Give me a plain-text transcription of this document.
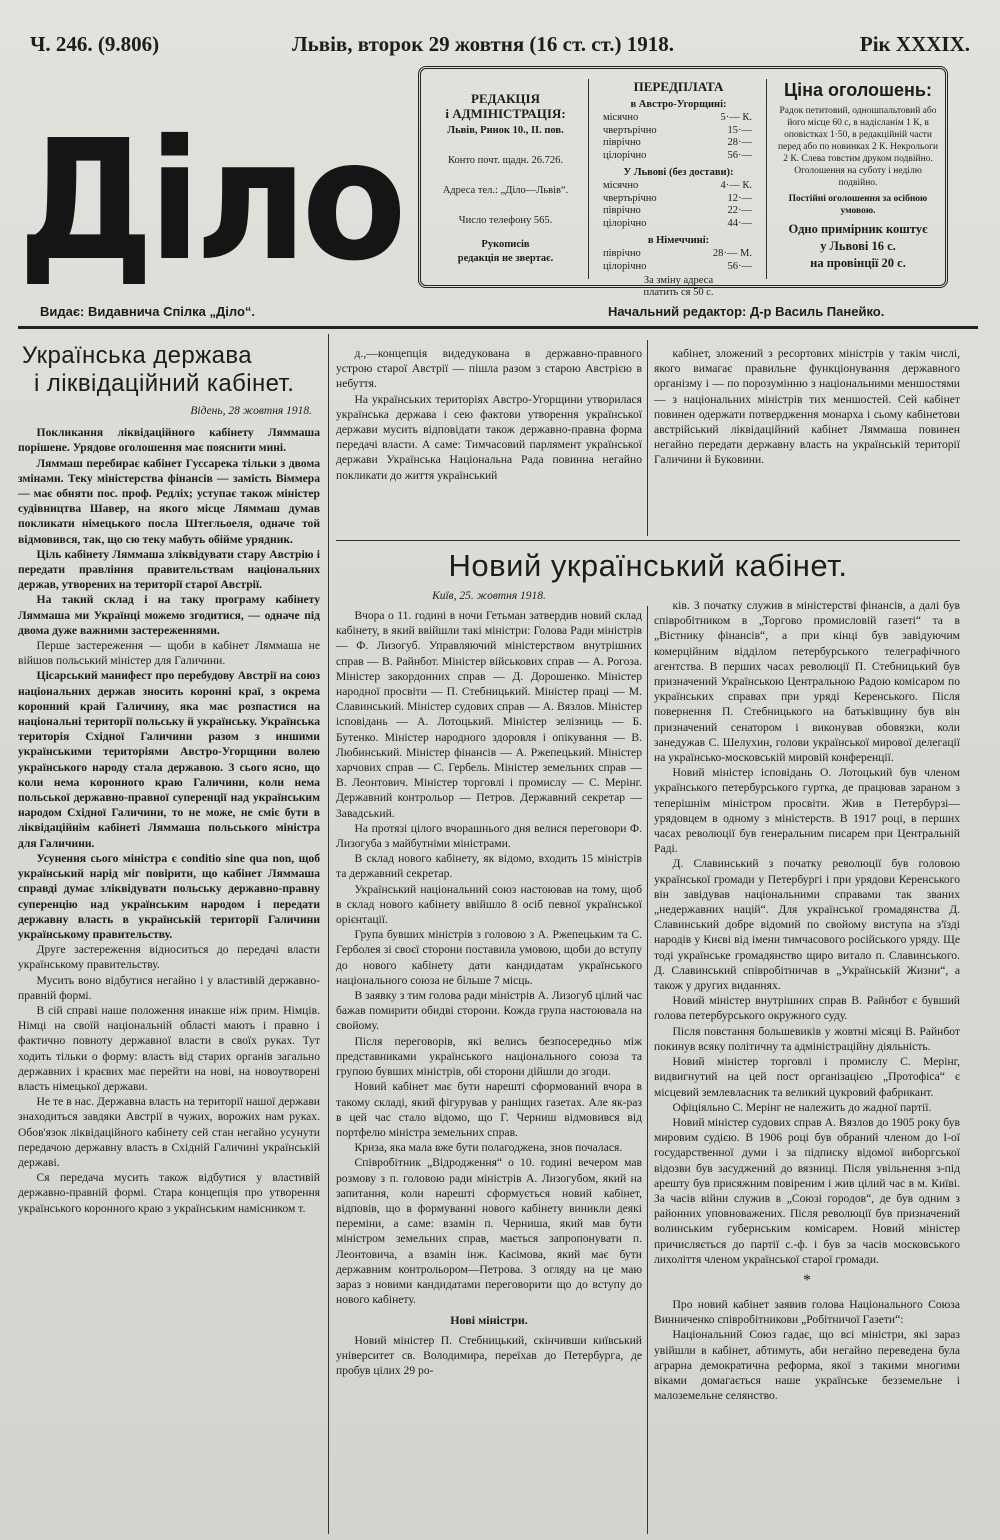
Ч. 246. (9.806)	Львів, второк 29 жовтня (16 ст. ст.) 1918.	Рік XXXIX.
Діло
РЕДАКЦІЯ
і АДМІНІСТРАЦІЯ:
Львів, Ринок 10., II. пов.
Конто почт. щадн. 26.726.
Адреса тел.: „Діло—Львів“.
Число телефону 565.
Рукописів
редакція не звертає.
ПЕРЕДПЛАТА
в Австро-Угорщині:
місячно	5·— К.
чвертьрічно	15·—
піврічно	28·—
цілорічно	56·—
У Львові (без достави):
місячно	4·— К.
чвертьрічно	12·—
піврічно	22·—
цілорічно	44·—
в Німеччині:
піврічно	28·— М.
цілорічно	56·—
За зміну адреса
платить ся 50 с.
Ціна оголошень:
Радок петитовий, одношпальтовий або його місце 60 с, в надісланім 1 К, в оповістках 1·50, в редакційній части перед або по новинках 2 К. Некрольоги 2 К. Слева товстим друком подвійно. Оголошення на суботу і неділю подвійно.
Постійні оголошення за осібною умовою.
Одно примірник коштує
у Львові 16 с.
на провінції 20 с.
Видає: Видавнича Спілка „Діло“.	Начальний редактор: Д-р Василь Панейко.
Українська держава
і ліквідаційний кабінет.
Відень, 28 жовтня 1918.

Покликання ліквідаційного кабінету Ляммаша порішене. Урядове оголошення має пояснити мині.

Ляммаш перебирає кабінет Гуссарека тільки з двома змінами. Теку міністерства фінансів — замість Віммера — має обняти пос. проф. Редліх; уступає також міністер судівництва Шавер, на якого місце Ляммаш думав покликати німецького посла Штегльоеля, одначе той відмовився, так, що сю теку мабуть обійме урядник.

Ціль кабінету Ляммаша зліквідувати стару Австрію і передати правління правительствам національних держав, утворених на території старої Австрії.

На такий склад і на таку програму кабінету Ляммаша ми Українці можемо згодитися, — одначе під двома дуже важними застереженнями.

Перше застереження — щоби в кабінет Ляммаша не війшов польський міністер для Галичини.

Цісарський манифест про перебудову Австрії на союз національних держав зносить коронні краї, з окрема коронний край Галичину, яка має розпастися на національні території польську й українську. Українська територія Східної Галичини разом з иншими українськими територіями Австро-Угорщини волею українського народу стала державою. З сього ясно, що коли нема коронного краю Галичини, коли нема польської державно-правної суперенції над українським народом Східної Галичини, то не може, не сміє бути в ліквідаційнім кабінеті Ляммаша польського міністра для Галичини.

Усунення сього міністра є conditio sine qua non, щоб український нарід міг повірити, що кабінет Ляммаша справді думає зліквідувати польську державно-правну суперенцію над українським народом і передати державну власть в українській території Галичини українському правительству.

Друге застереження відноситься до передачі власти українському правительству.

Мусить воно відбутися негайно і у властивій державно-правній формі.

В сій справі наше положення инакше ніж прим. Німців. Німці на своїй національній області мають і правно і фактично повноту державної власти в своїх руках. Тут ходить тільки о форму: власть від старих органів загально державних і краєвих має перейти на нові, на новоутворені власть німецької держави.

Не те в нас. Державна власть на території нашої держави знаходиться завдяки Австрії в чужих, ворожих нам руках. Обов'язок ліквідаційного кабінету сей стан негайно усунути передачою державну власть в Східній Галичині українській державі.

Ся передача мусить також відбутися у властивій державно-правній формі. Стара концепція про утворення українського коронного краю з українським намісником т.

д.,—концепція видедукована в державно-правного устрою старої Австрії — пішла разом з старою Австрією в небуття.

На українських територіях Австро-Угорщини утворилася українська держава і сею фактови утворення української держави мусить відповідати також державно-правна форма передачі власти. А саме: Тимчасовий парлямент української держави Українська Національна Рада повинна негайно покликати до життя український

кабінет, зложений з ресортових міністрів у такім числі, якого вимагає правильне функціонування державного організму і — по порозумінню з національними меншостями — з національних міністрів тих меншостей. Сей кабінет повинен одержати потвердження монарха і сьому кабінетови австрійський ліквідаційний кабінет Ляммаша повинен негайно передати державну власть на українській території Галичини й Буковини.

Новий український кабінет.
Київ, 25. жовтня 1918.

Вчора о 11. годині в ночи Гетьман затвердив новий склад кабінету, в який ввійшли такі міністри: Голова Ради міністрів — Ф. Лизогуб. Управляючий міністерством внутрішних справ — В. Райнбот. Міністер військових справ — А. Рогоза. Міністер закордонних справ — Д. Дорошенко. Міністер народної просвіти — П. Стебницький. Міністер праці — М. Славинський. Міністер судових справ — А. Вязлов. Міністер ісповідань — А. Лотоцький. Міністер зелізниць — Б. Бутенко. Міністер народного здоровля і опікування — В. Любинський. Міністер фінансів — А. Ржепецький. Міністер харчових справ — С. Гербель. Міністер земельних справ — В. Леонтович. Міністер торговлі і промислу — С. Мерінг. Державний контрольор — Петров. Державний секретар — Завадський.

На протязі цілого вчорашнього дня велися переговори Ф. Лизогуба з майбутніми міністрами.

В склад нового кабінету, як відомо, входить 15 міністрів та державний секретар.

Український національний союз настоював на тому, щоб в склад нового кабінету ввійшло 8 осіб певної української орієнтації.

Група бувших міністрів з головою з А. Ржепецьким та С. Герболея зі своєї сторони поставила умовою, щоби до вступу до нового кабінету дати кандидатам українського національного союза не більше 7 місць.

В заявку з тим голова ради міністрів А. Лизогуб цілий час бажав помирити обидві сторони. Кожда група настоювала на свойому.

Після переговорів, які велись безпосередньо між представниками українського національного союза та групою бувших міністрів, обі сторони дійшли до згоди.

Новий кабінет має бути нарешті сформований вчора в такому складі, який фігурував у раніщих газетах. Але як-раз в цей час стало відомо, що Г. Черниш відмовився від портфелю міністра земельних справ.

Криза, яка мала вже бути полагоджена, знов почалася.

Співробітник „Відродження“ о 10. годині вечером мав розмову з п. головою ради міністрів А. Лизогубом, який на запитання, коли нарешті сформується новий кабінет, відповів, що в формуванні нового кабінету виникли деякі переміни, а саме: взамін п. Черниша, який мав бути міністром земельних справ, мається запропонувати п. Леонтовича, а взамін інж. Касімова, який має бути державним контрольором—Петрова. З огляду на це маю зараз з новими кандидатами переговорити що до вступу до нового кабінету.

Нові міністри.

Новий міністер П. Стебницький, скінчивши київський університет св. Володимира, переїхав до Петербурга, де пробув цілих 29 ро-

ків. З початку служив в міністерстві фінансів, а далі був співробітником в „Торгово промисловій газеті“ та в „Вістнику фінансів“, а при кінці був завідуючим комерційним відділом петербурського телеграфічного агентства. В перших часах революції П. Стебницький був призначений Українською Центральною Радою комісаром по українських справах при уряді Керенського. Після повернення П. Стебницького на батьківщину був він призначений сенатором і виконував обовязки, коли занедужав С. Шелухин, голови української мирової делегації на українсько-московській мировій конференції.

Новий міністер ісповідань О. Лотоцький був членом українського петербурського гуртка, де працював зараном з теперішнім міністром просвіти. Жив в Петербурзі—урядовцем в одному з міністерств. В 1917 році, в перших часах революції був генеральним писарем при Центральній Раді.

Д. Славинський з початку революції був головою української громади у Петербургі і при урядови Керенського він завідував національними справами так званих „недержавних націй“. Для української громадянства Д. Славинський добре відомий по свойому виступа на з'їзді народів у Києві від імени тимчасового російського уряду. Ще тоді українське громадянство щиро витало п. Славинського. Д. Славинський співробітничав в „Українській Жизни“, а також у других виданнях.

Новий міністер внутрішних справ В. Райнбот є бувший голова петербурського окружного суду.

Після повстання большевиків у жовтні місяці В. Райнбот покинув всяку політичну та адміністраційну діяльність.

Новий міністер торговлі і промислу С. Мерінг, видвигнутий на цей пост організацією „Протофіса“ є місцевий землевласник та великий цукровий фабрикант.

Офіціяльно С. Мерінг не належить до жадної партії.

Новий міністер судових справ А. Вязлов до 1905 року був мировим судією. В 1906 році був обраний членом до I-ої государственної думи і за підписку відомої виборгської відозви був засуджений до вязниці. Після увільнення з-під арешту був присяжним повіреним і жив цілий час в м. Київі. За часів війни служив в „Союзі городов“, де був одним з районних уповноважених. Після революції був призначений волинським губернським комісарем. Новий міністер причисляється до партії с.-ф. і був за часів московського лихоліття членом української старої громади.

*

Про новий кабінет заявив голова Національного Союза Винниченко співробітникови „Робітничої Газети“:

Національний Союз гадає, що всі міністри, які зараз увійшли в кабінет, абтимуть, аби негайно переведена була аграрна демократична реформа, якої з такими многими віками домагається наше українське безземельне і малоземельне селянство.
